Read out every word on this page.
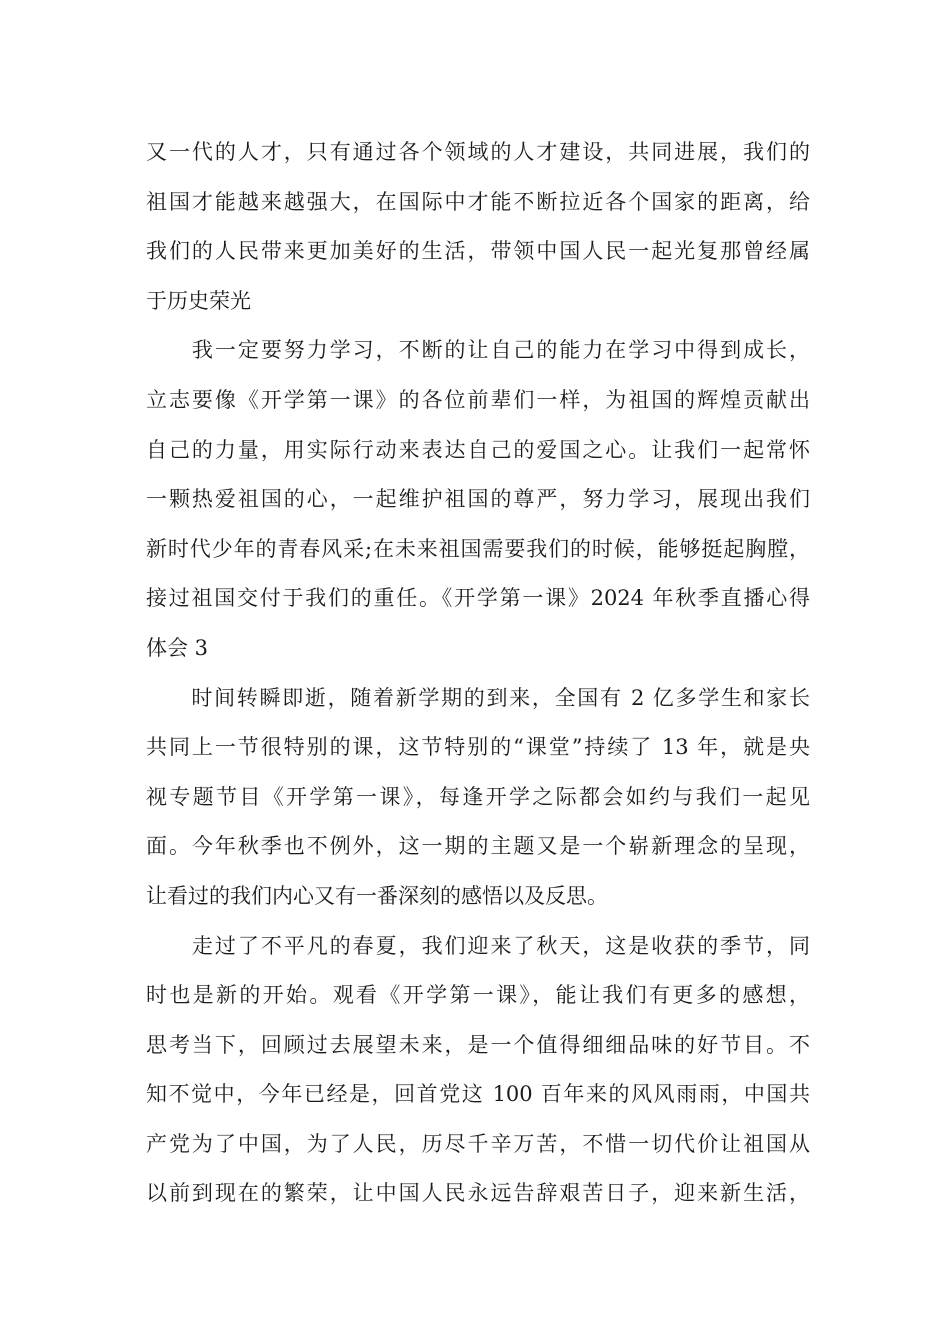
又一代的人才，只有通过各个领域的人才建设，共同进展，我们的
祖国才能越来越强大，在国际中才能不断拉近各个国家的距离，给
我们的人民带来更加美好的生活，带领中国人民一起光复那曾经属
于历史荣光
　　我一定要努力学习，不断的让自己的能力在学习中得到成长，
立志要像《开学第一课》的各位前辈们一样，为祖国的辉煌贡献出
自己的力量，用实际行动来表达自己的爱国之心。让我们一起常怀
一颗热爱祖国的心，一起维护祖国的尊严，努力学习，展现出我们
新时代少年的青春风采;在未来祖国需要我们的时候，能够挺起胸膛，
接过祖国交付于我们的重任。《开学第一课》2024 年秋季直播心得
体会 3
　　时间转瞬即逝，随着新学期的到来，全国有 2 亿多学生和家长
共同上一节很特别的课，这节特别的“课堂”持续了 13 年，就是央
视专题节目《开学第一课》，每逢开学之际都会如约与我们一起见
面。今年秋季也不例外，这一期的主题又是一个崭新理念的呈现，
让看过的我们内心又有一番深刻的感悟以及反思。
　　走过了不平凡的春夏，我们迎来了秋天，这是收获的季节，同
时也是新的开始。观看《开学第一课》，能让我们有更多的感想，
思考当下，回顾过去展望未来，是一个值得细细品味的好节目。不
知不觉中，今年已经是，回首党这 100 百年来的风风雨雨，中国共
产党为了中国，为了人民，历尽千辛万苦，不惜一切代价让祖国从
以前到现在的繁荣，让中国人民永远告辞艰苦日子，迎来新生活，
